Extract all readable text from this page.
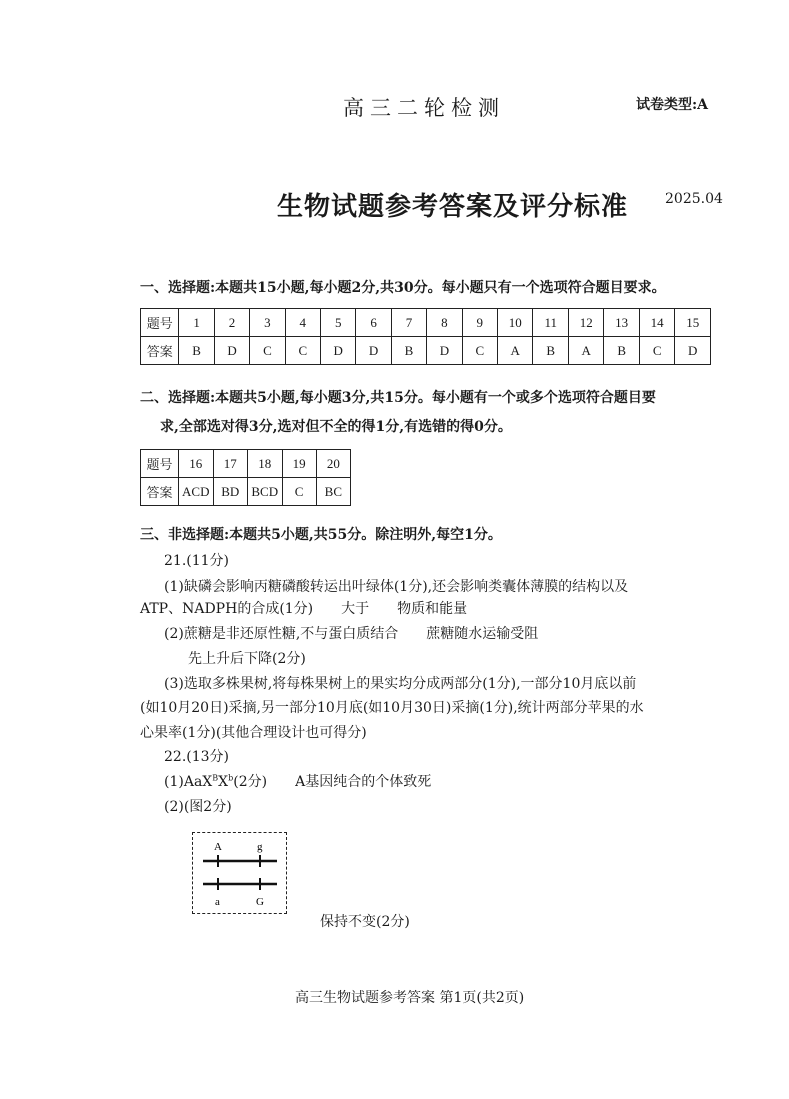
高三二轮检测	试卷类型:A
生物试题参考答案及评分标准	2025.04
一、选择题:本题共15小题,每小题2分,共30分。每小题只有一个选项符合题目要求。
题号	1	2	3	4	5	6	7	8	9	10	11	12	13	14	15
答案	B	D	C	C	D	D	B	D	C	A	B	A	B	C	D
二、选择题:本题共5小题,每小题3分,共15分。每小题有一个或多个选项符合题目要
求,全部选对得3分,选对但不全的得1分,有选错的得0分。
题号	16	17	18	19	20
答案	ACD	BD	BCD	C	BC
三、非选择题:本题共5小题,共55分。除注明外,每空1分。
21.(11分)
(1)缺磷会影响丙糖磷酸转运出叶绿体(1分),还会影响类囊体薄膜的结构以及
ATP、NADPH的合成(1分)　　大于　　物质和能量
(2)蔗糖是非还原性糖,不与蛋白质结合　　蔗糖随水运输受阻
先上升后下降(2分)
(3)选取多株果树,将每株果树上的果实均分成两部分(1分),一部分10月底以前
(如10月20日)采摘,另一部分10月底(如10月30日)采摘(1分),统计两部分苹果的水
心果率(1分)(其他合理设计也可得分)
22.(13分)
$(1)AaX^BX^b(2$分)　　A基因纯合的个体致死
(2)(图2分)
A	g
a	G
保持不变(2分)
高三生物试题参考答案 第1页(共2页)
